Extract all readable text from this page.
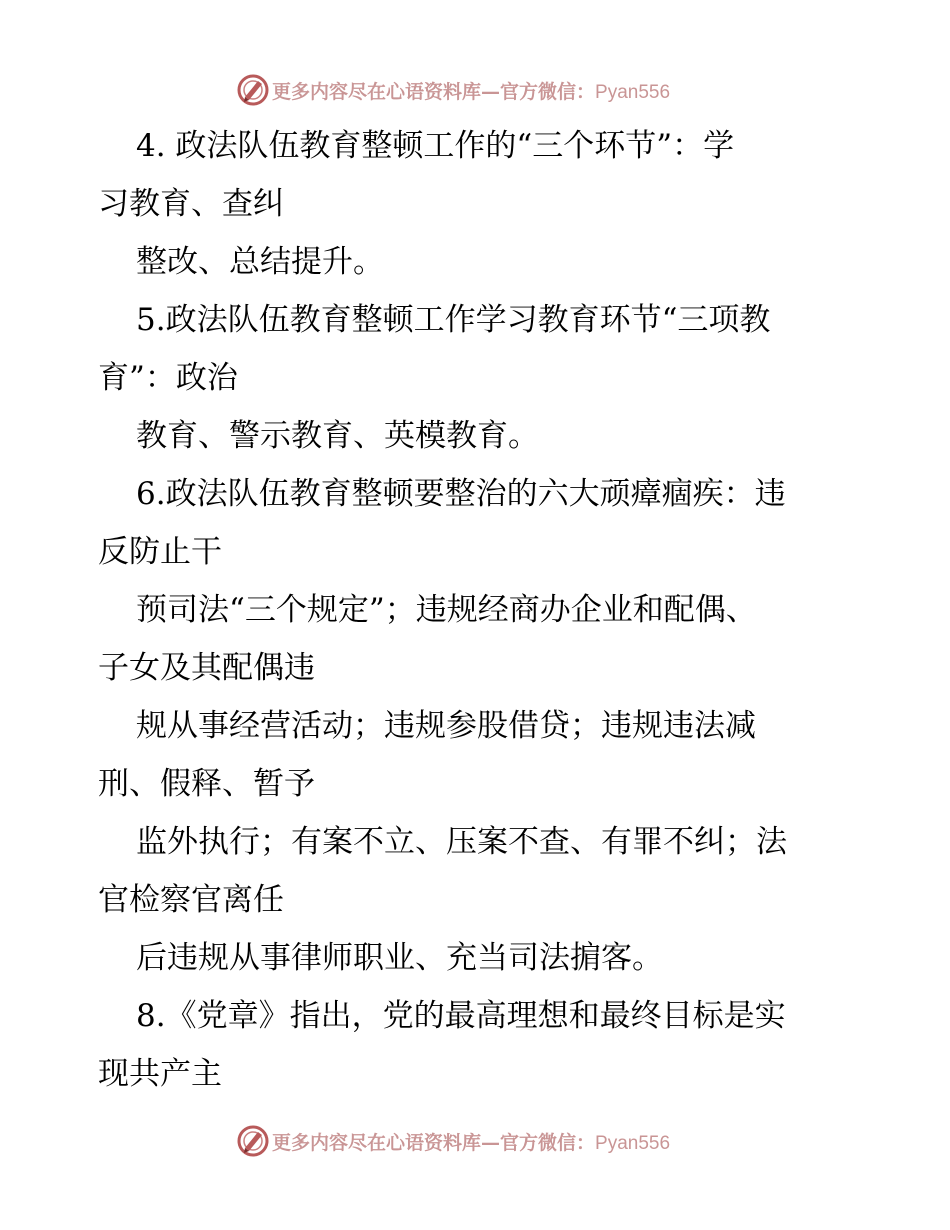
更多内容尽在心语资料库—官方微信：Pyan556
4. 政法队伍教育整顿工作的“三个环节”：学
习教育、查纠
整改、总结提升。
5.政法队伍教育整顿工作学习教育环节“三项教
育”：政治
教育、警示教育、英模教育。
6.政法队伍教育整顿要整治的六大顽瘴痼疾：违
反防止干
预司法“三个规定”；违规经商办企业和配偶、
子女及其配偶违
规从事经营活动；违规参股借贷；违规违法减
刑、假释、暂予
监外执行；有案不立、压案不查、有罪不纠；法
官检察官离任
后违规从事律师职业、充当司法掮客。
8.《党章》指出，党的最高理想和最终目标是实
现共产主
更多内容尽在心语资料库—官方微信：Pyan556
